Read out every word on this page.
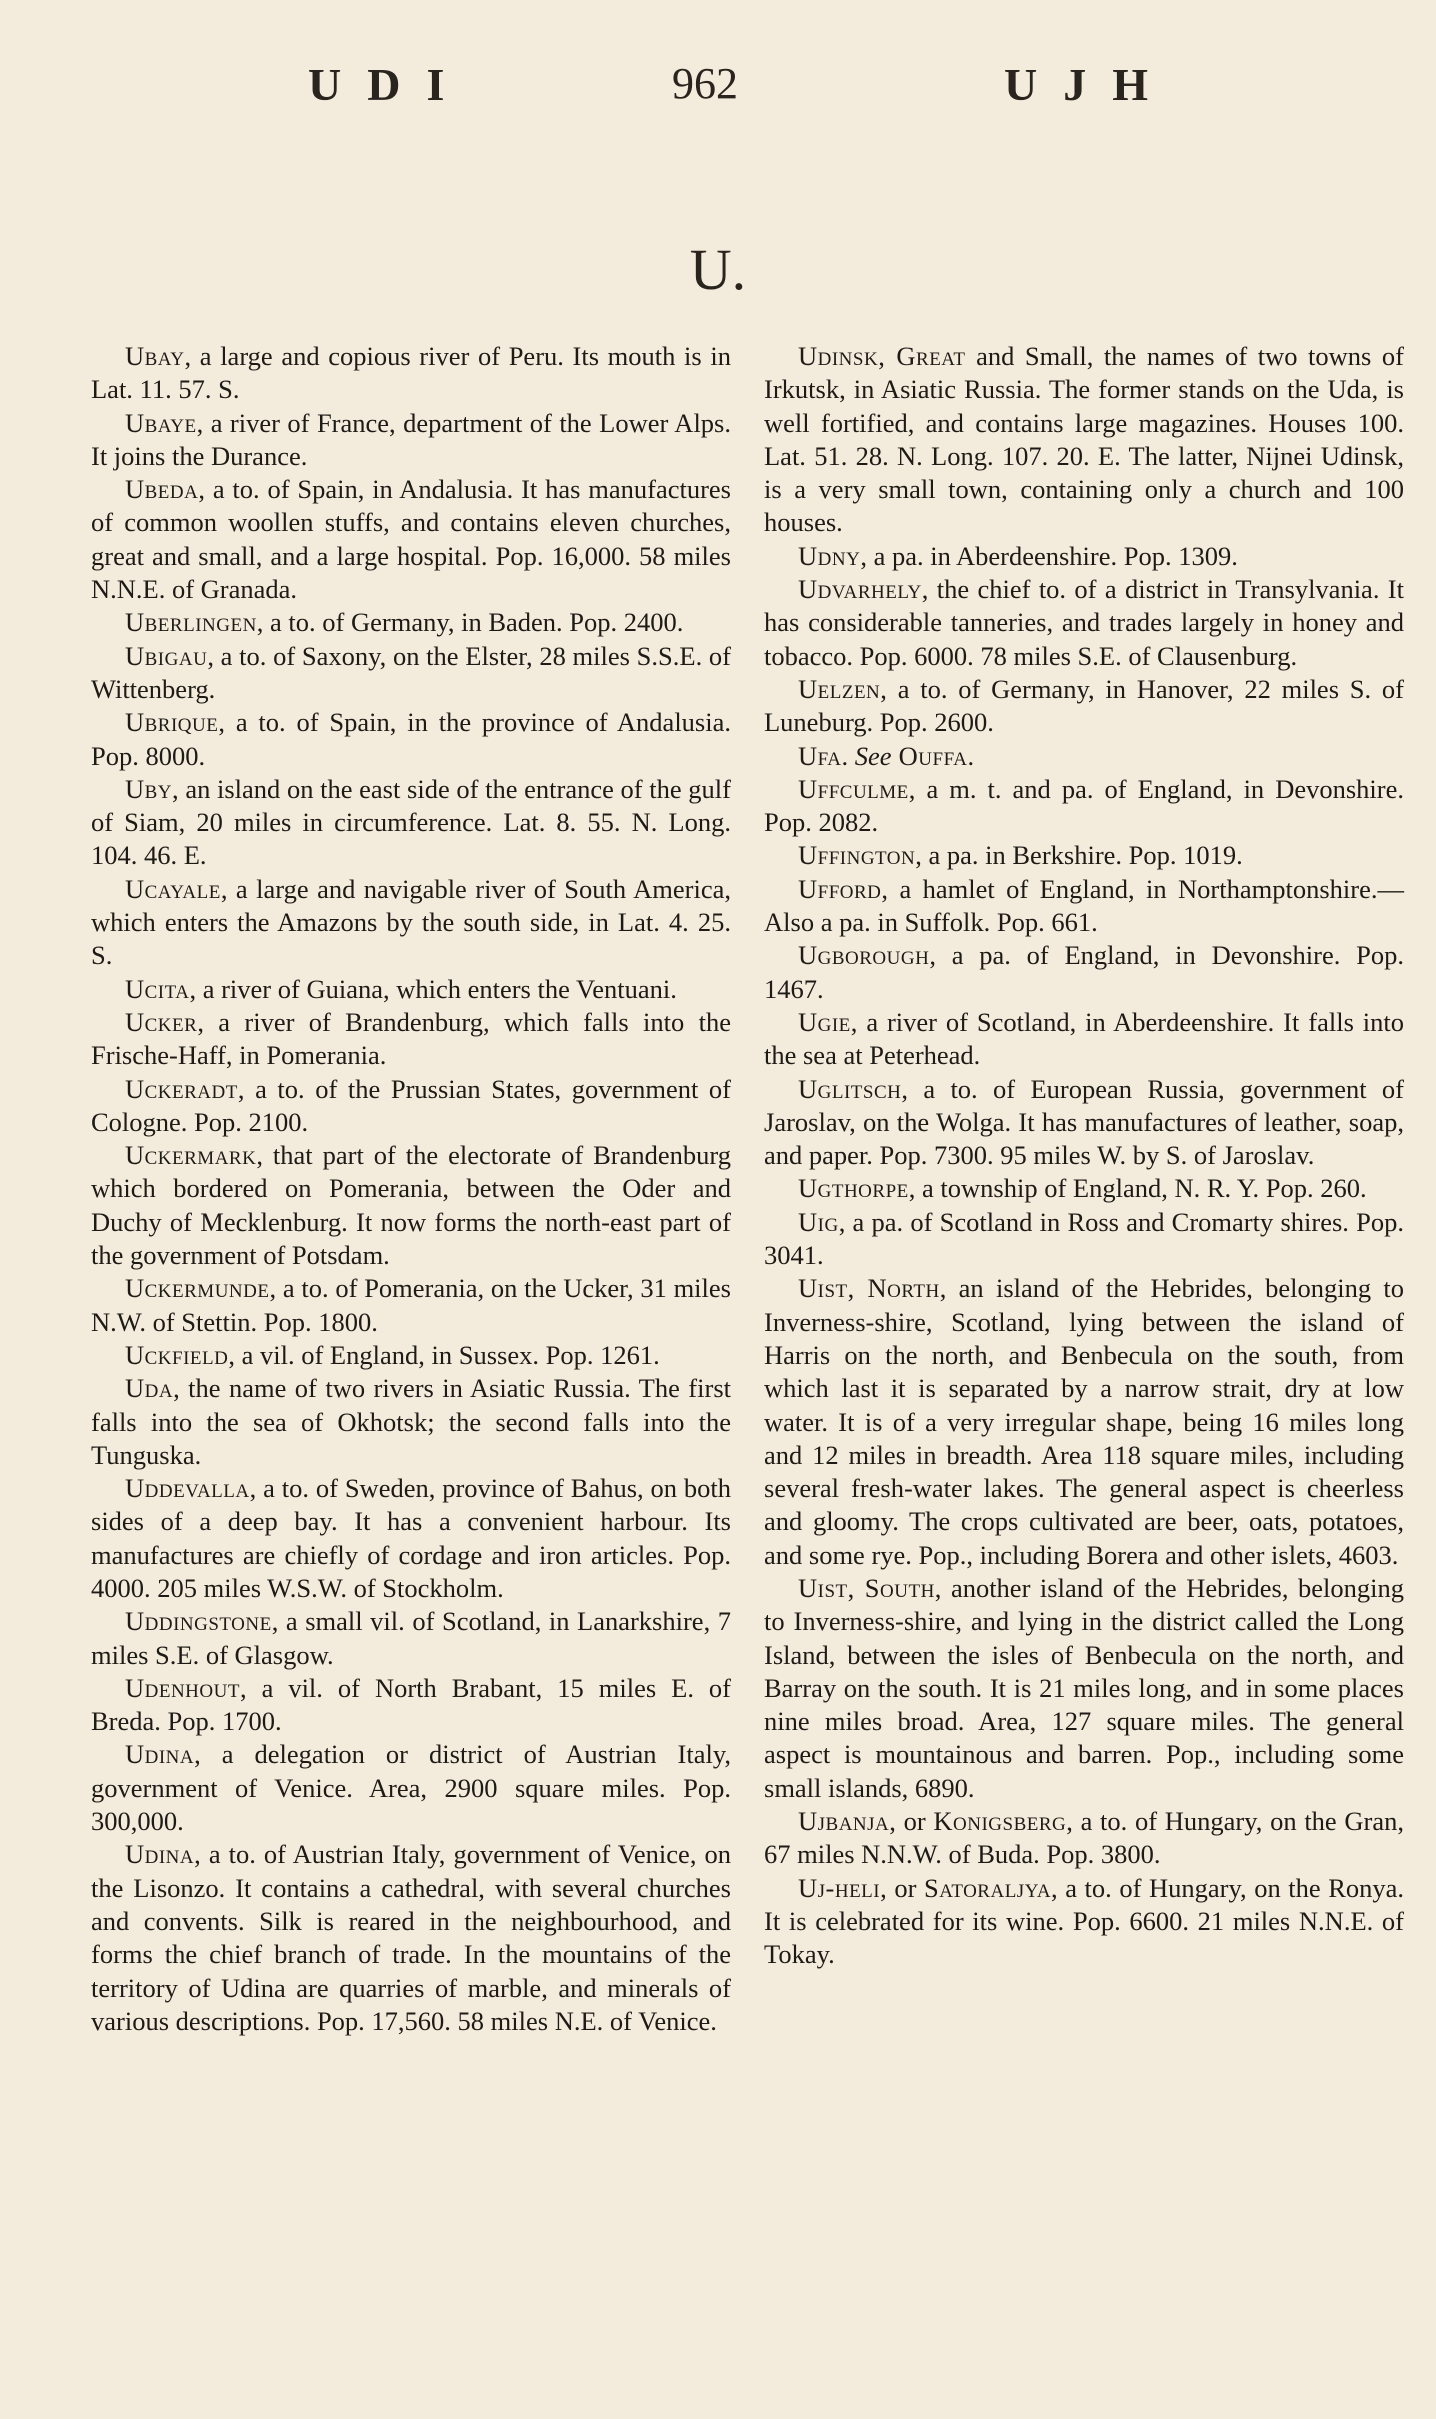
UDI	962	UJH
U.

Ubay, a large and copious river of Peru. Its mouth is in Lat. 11. 57. S.

Ubaye, a river of France, department of the Lower Alps. It joins the Durance.

Ubeda, a to. of Spain, in Andalusia. It has manufactures of common woollen stuffs, and contains eleven churches, great and small, and a large hospital. Pop. 16,000. 58 miles N.N.E. of Granada.

Uberlingen, a to. of Germany, in Baden. Pop. 2400.

Ubigau, a to. of Saxony, on the Elster, 28 miles S.S.E. of Wittenberg.

Ubrique, a to. of Spain, in the province of Andalusia. Pop. 8000.

Uby, an island on the east side of the entrance of the gulf of Siam, 20 miles in circumference. Lat. 8. 55. N. Long. 104. 46. E.

Ucayale, a large and navigable river of South America, which enters the Amazons by the south side, in Lat. 4. 25. S.

Ucita, a river of Guiana, which enters the Ventuani.

Ucker, a river of Brandenburg, which falls into the Frische-Haff, in Pomerania.

Uckeradt, a to. of the Prussian States, government of Cologne. Pop. 2100.

Uckermark, that part of the electorate of Brandenburg which bordered on Pomerania, between the Oder and Duchy of Mecklenburg. It now forms the north-east part of the government of Potsdam.

Uckermunde, a to. of Pomerania, on the Ucker, 31 miles N.W. of Stettin. Pop. 1800.

Uckfield, a vil. of England, in Sussex. Pop. 1261.

Uda, the name of two rivers in Asiatic Russia. The first falls into the sea of Okhotsk; the second falls into the Tunguska.

Uddevalla, a to. of Sweden, province of Bahus, on both sides of a deep bay. It has a convenient harbour. Its manufactures are chiefly of cordage and iron articles. Pop. 4000. 205 miles W.S.W. of Stockholm.

Uddingstone, a small vil. of Scotland, in Lanarkshire, 7 miles S.E. of Glasgow.

Udenhout, a vil. of North Brabant, 15 miles E. of Breda. Pop. 1700.

Udina, a delegation or district of Austrian Italy, government of Venice. Area, 2900 square miles. Pop. 300,000.

Udina, a to. of Austrian Italy, government of Venice, on the Lisonzo. It contains a cathedral, with several churches and convents. Silk is reared in the neighbourhood, and forms the chief branch of trade. In the mountains of the territory of Udina are quarries of marble, and minerals of various descriptions. Pop. 17,560. 58 miles N.E. of Venice.

Udinsk, Great and Small, the names of two towns of Irkutsk, in Asiatic Russia. The former stands on the Uda, is well fortified, and contains large magazines. Houses 100. Lat. 51. 28. N. Long. 107. 20. E. The latter, Nijnei Udinsk, is a very small town, containing only a church and 100 houses.

Udny, a pa. in Aberdeenshire. Pop. 1309.

Udvarhely, the chief to. of a district in Transylvania. It has considerable tanneries, and trades largely in honey and tobacco. Pop. 6000. 78 miles S.E. of Clausenburg.

Uelzen, a to. of Germany, in Hanover, 22 miles S. of Luneburg. Pop. 2600.

Ufa. See Ouffa.

Uffculme, a m. t. and pa. of England, in Devonshire. Pop. 2082.

Uffington, a pa. in Berkshire. Pop. 1019.

Ufford, a hamlet of England, in Northamptonshire.—Also a pa. in Suffolk. Pop. 661.

Ugborough, a pa. of England, in Devonshire. Pop. 1467.

Ugie, a river of Scotland, in Aberdeenshire. It falls into the sea at Peterhead.

Uglitsch, a to. of European Russia, government of Jaroslav, on the Wolga. It has manufactures of leather, soap, and paper. Pop. 7300. 95 miles W. by S. of Jaroslav.

Ugthorpe, a township of England, N. R. Y. Pop. 260.

Uig, a pa. of Scotland in Ross and Cromarty shires. Pop. 3041.

Uist, North, an island of the Hebrides, belonging to Inverness-shire, Scotland, lying between the island of Harris on the north, and Benbecula on the south, from which last it is separated by a narrow strait, dry at low water. It is of a very irregular shape, being 16 miles long and 12 miles in breadth. Area 118 square miles, including several fresh-water lakes. The general aspect is cheerless and gloomy. The crops cultivated are beer, oats, potatoes, and some rye. Pop., including Borera and other islets, 4603.

Uist, South, another island of the Hebrides, belonging to Inverness-shire, and lying in the district called the Long Island, between the isles of Benbecula on the north, and Barray on the south. It is 21 miles long, and in some places nine miles broad. Area, 127 square miles. The general aspect is mountainous and barren. Pop., including some small islands, 6890.

Ujbanja, or Konigsberg, a to. of Hungary, on the Gran, 67 miles N.N.W. of Buda. Pop. 3800.

Uj-heli, or Satoraljya, a to. of Hungary, on the Ronya. It is celebrated for its wine. Pop. 6600. 21 miles N.N.E. of Tokay.
